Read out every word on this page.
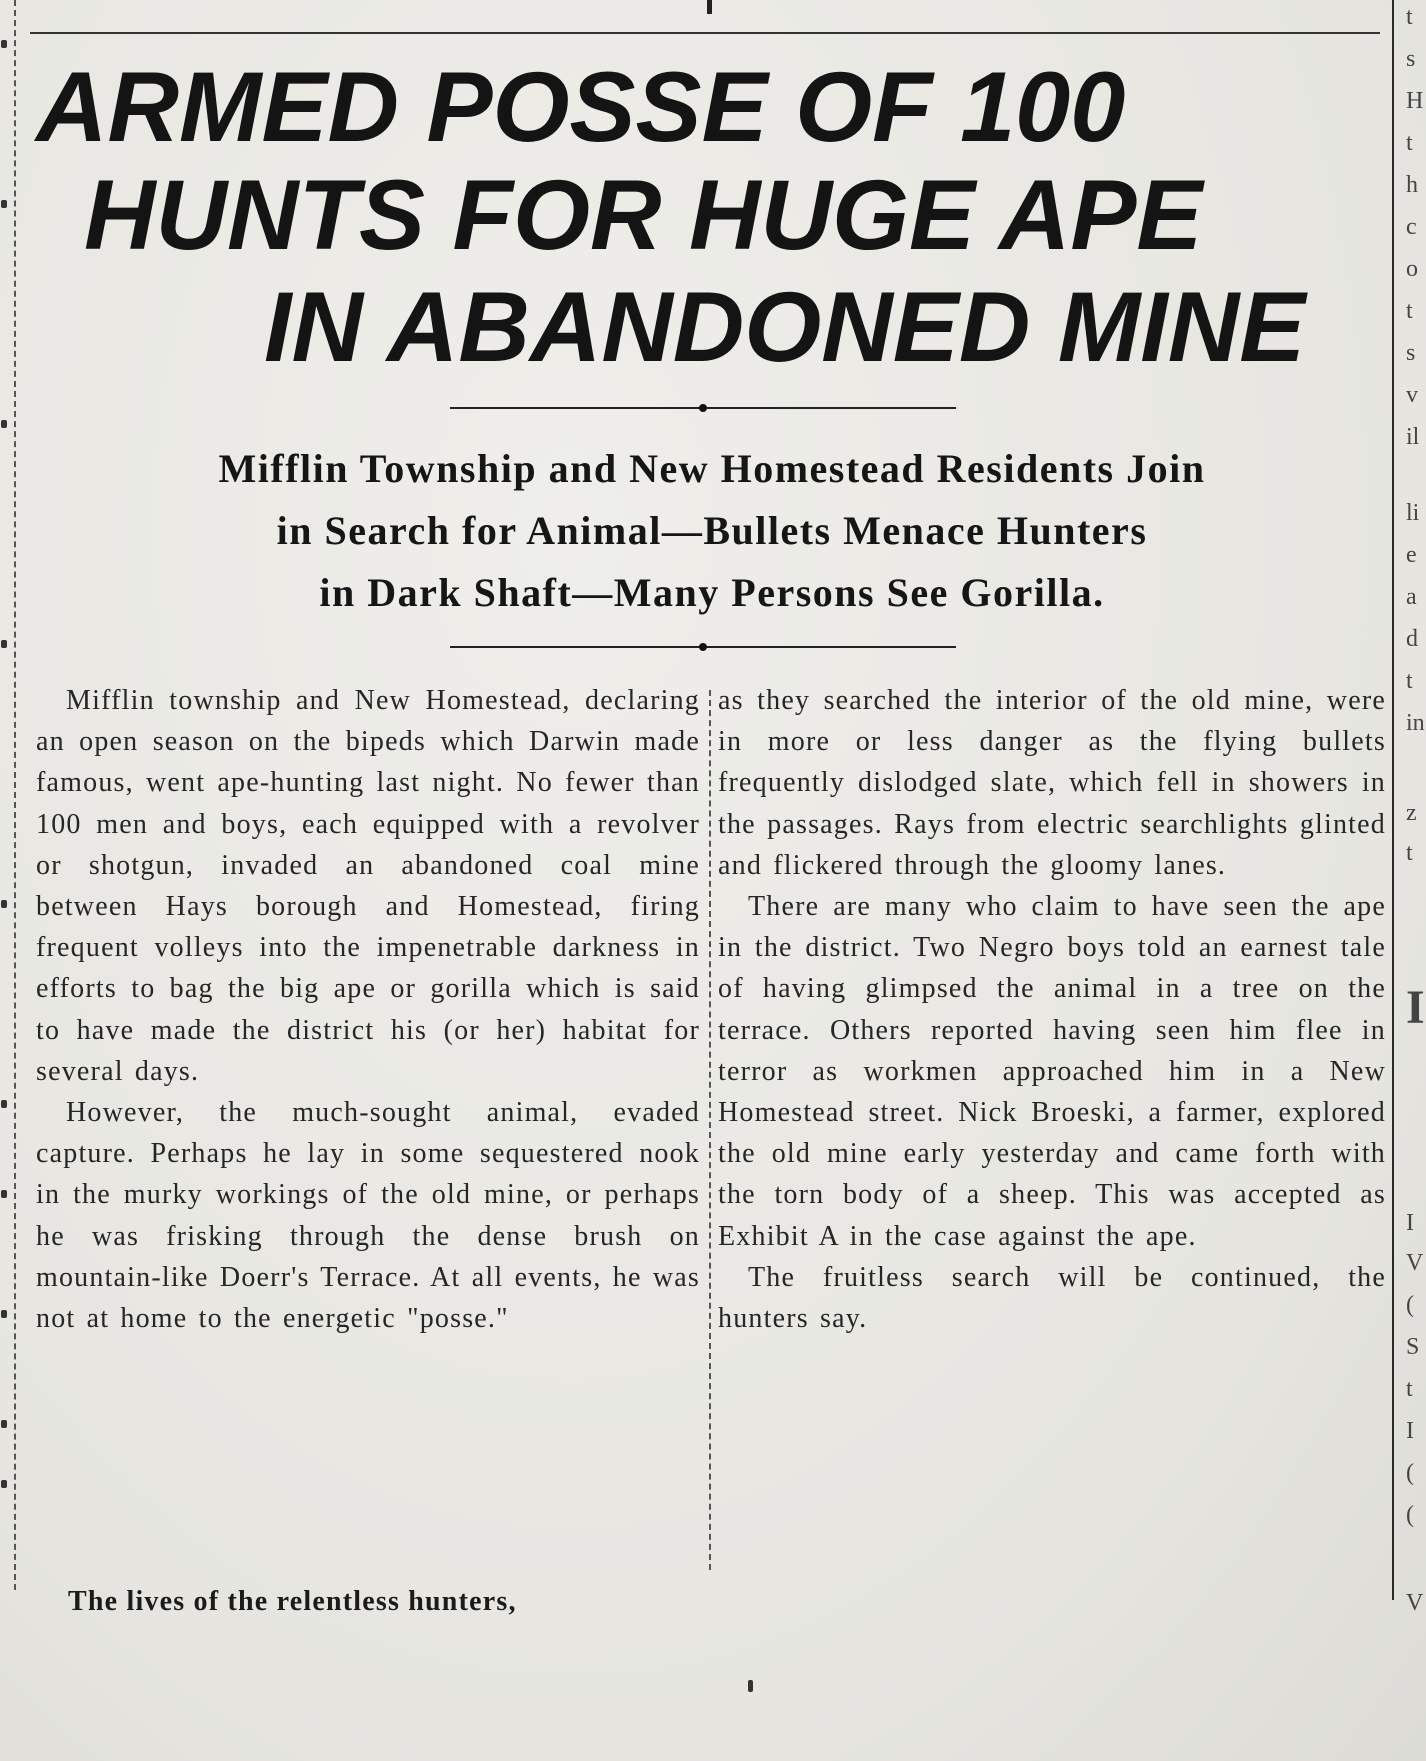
t
s
H
t
h
c
o
t
s
v
il
li
e
a
d
t
in
z
t
I
I
V
(
S
t
I
(
(
V
ARMED POSSE OF 100
HUNTS FOR HUGE APE
IN ABANDONED MINE
Mifflin Township and New Homestead Residents Join
in Search for Animal—Bullets Menace Hunters
in Dark Shaft—Many Persons See Gorilla.

Mifflin township and New Homestead, declaring an open season on the bipeds which Darwin made famous, went ape-hunting last night. No fewer than 100 men and boys, each equipped with a revolver or shotgun, invaded an abandoned coal mine between Hays borough and Homestead, firing frequent volleys into the impenetrable darkness in efforts to bag the big ape or gorilla which is said to have made the district his (or her) habitat for several days.

However, the much-sought animal, evaded capture. Perhaps he lay in some sequestered nook in the murky workings of the old mine, or perhaps he was frisking through the dense brush on mountain-like Doerr's Terrace. At all events, he was not at home to the energetic "posse."

as they searched the interior of the old mine, were in more or less danger as the flying bullets frequently dislodged slate, which fell in showers in the passages. Rays from electric searchlights glinted and flickered through the gloomy lanes.

There are many who claim to have seen the ape in the district. Two Negro boys told an earnest tale of having glimpsed the animal in a tree on the terrace. Others reported having seen him flee in terror as workmen approached him in a New Homestead street. Nick Broeski, a farmer, explored the old mine early yesterday and came forth with the torn body of a sheep. This was accepted as Exhibit A in the case against the ape.

The fruitless search will be continued, the hunters say.

The lives of the relentless hunters,
